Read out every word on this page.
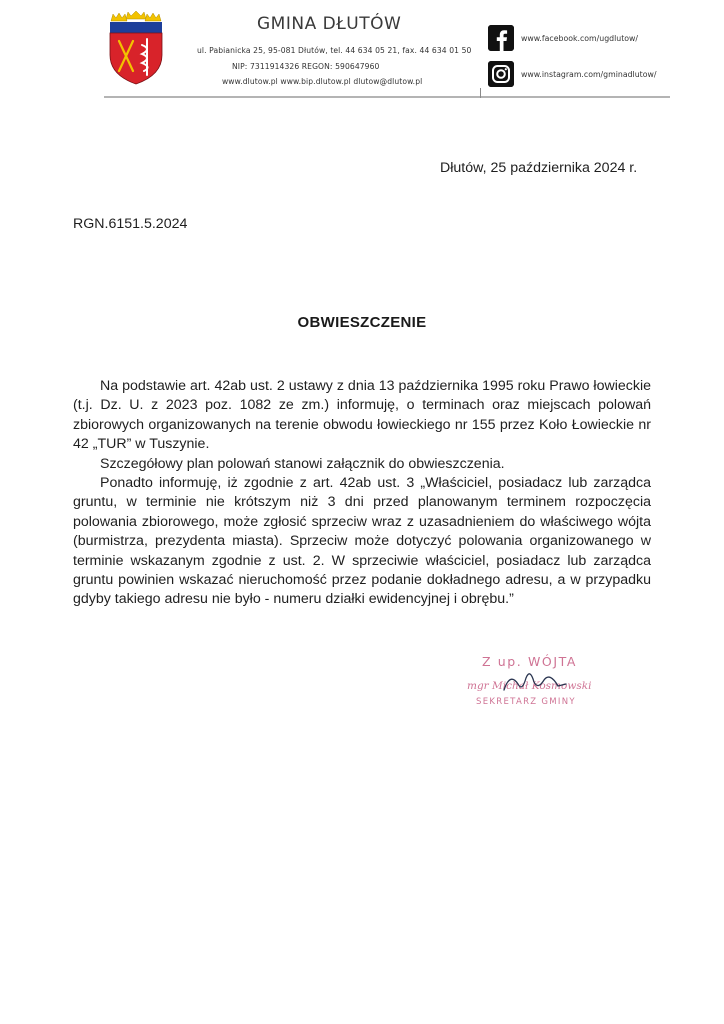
GMINA DŁUTÓW
ul. Pabianicka 25, 95-081 Dłutów, tel. 44 634 05 21, fax. 44 634 01 50
NIP: 7311914326 REGON: 590647960
www.dlutow.pl www.bip.dlutow.pl dlutow@dlutow.pl
www.facebook.com/ugdlutow/
www.instagram.com/gminadlutow/
Dłutów, 25 października 2024 r.
RGN.6151.5.2024
OBWIESZCZENIE
Na podstawie art. 42ab ust. 2 ustawy z dnia 13 października 1995 roku Prawo łowieckie (t.j. Dz. U. z 2023 poz. 1082 ze zm.) informuję, o terminach oraz miejscach polowań zbiorowych organizowanych na terenie obwodu łowieckiego nr 155 przez Koło Łowieckie nr 42 „TUR” w Tuszynie.
Szczegółowy plan polowań stanowi załącznik do obwieszczenia.
Ponadto informuję, iż zgodnie z art. 42ab ust. 3 „Właściciel, posiadacz lub zarządca gruntu, w terminie nie krótszym niż 3 dni przed planowanym terminem rozpoczęcia polowania zbiorowego, może zgłosić sprzeciw wraz z uzasadnieniem do właściwego wójta (burmistrza, prezydenta miasta). Sprzeciw może dotyczyć polowania organizowanego w terminie wskazanym zgodnie z ust. 2. W sprzeciwie właściciel, posiadacz lub zarządca gruntu powinien wskazać nieruchomość przez podanie dokładnego adresu, a w przypadku gdyby takiego adresu nie było - numeru działki ewidencyjnej i obrębu.”
Z up. WÓJTA
mgr Michał Kosmowski
SEKRETARZ GMINY
